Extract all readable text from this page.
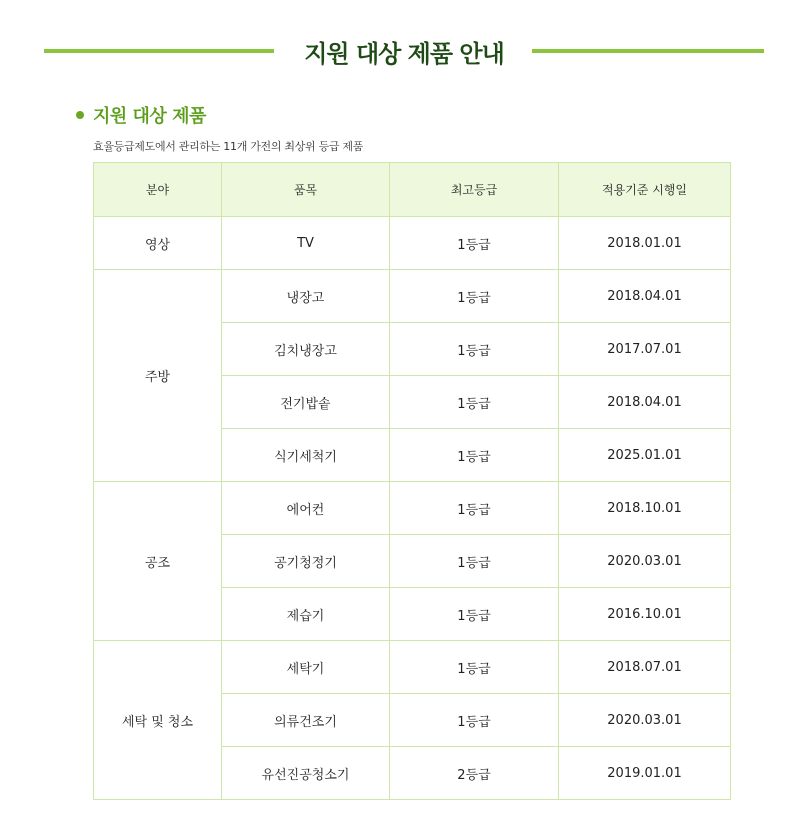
지원 대상 제품 안내
지원 대상 제품
효율등급제도에서 관리하는 11개 가전의 최상위 등급 제품
분야	품목	최고등급	적용기준 시행일
영상	TV	1등급	2018.01.01
주방	냉장고	1등급	2018.04.01
	김치냉장고	1등급	2017.07.01
	전기밥솥	1등급	2018.04.01
	식기세척기	1등급	2025.01.01
공조	에어컨	1등급	2018.10.01
	공기청정기	1등급	2020.03.01
	제습기	1등급	2016.10.01
세탁 및 청소	세탁기	1등급	2018.07.01
	의류건조기	1등급	2020.03.01
	유선진공청소기	2등급	2019.01.01
